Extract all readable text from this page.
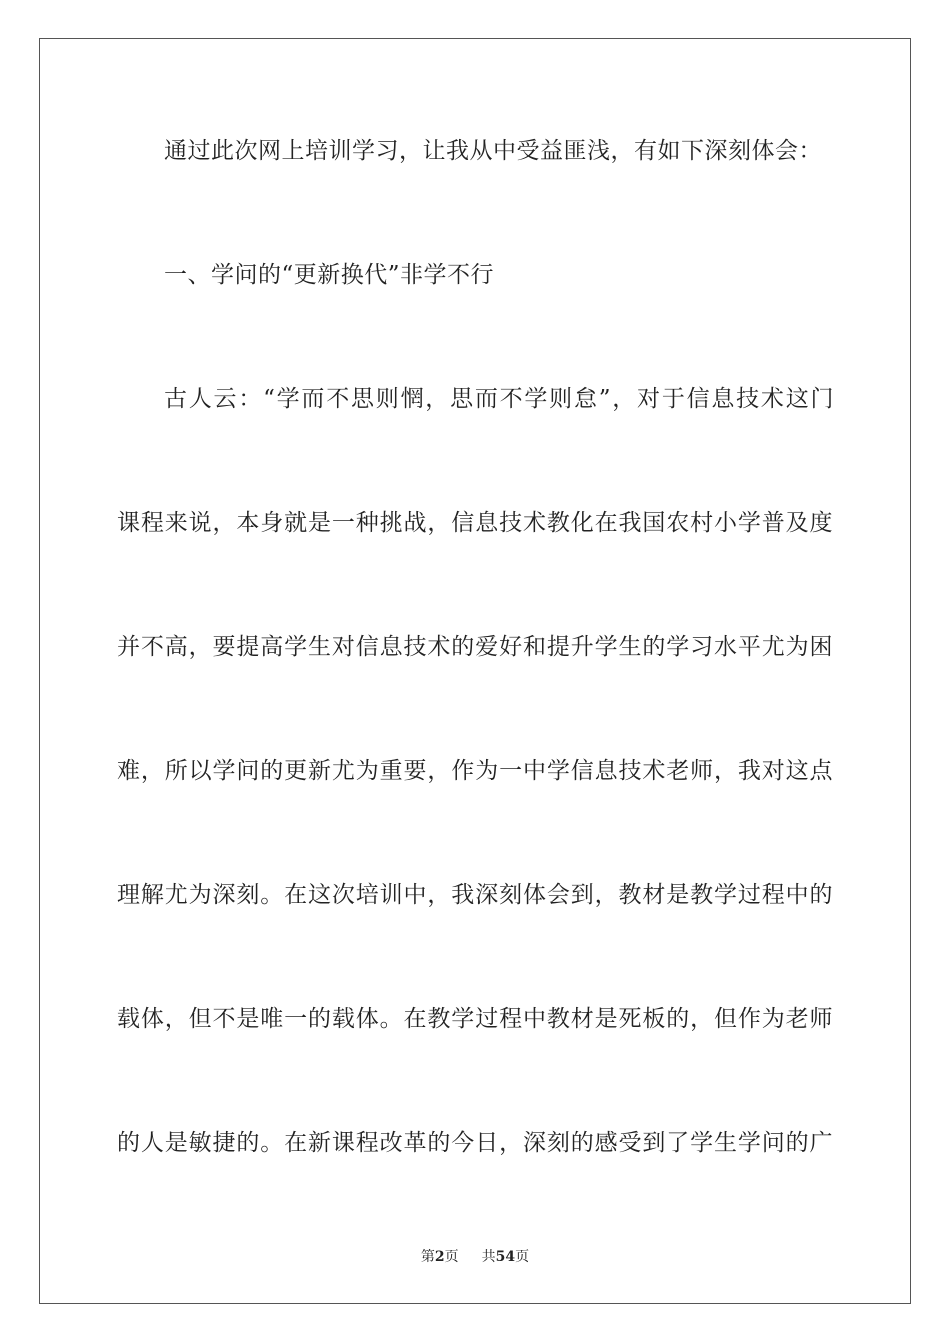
通过此次网上培训学习，让我从中受益匪浅，有如下深刻体会：
一、学问的“更新换代”非学不行
古人云：“学而不思则惘，思而不学则怠”，对于信息技术这门
课程来说，本身就是一种挑战，信息技术教化在我国农村小学普及度
并不高，要提高学生对信息技术的爱好和提升学生的学习水平尤为困
难，所以学问的更新尤为重要，作为一中学信息技术老师，我对这点
理解尤为深刻。在这次培训中，我深刻体会到，教材是教学过程中的
载体，但不是唯一的载体。在教学过程中教材是死板的，但作为老师
的人是敏捷的。在新课程改革的今日，深刻的感受到了学生学问的广
第2页 共54页
